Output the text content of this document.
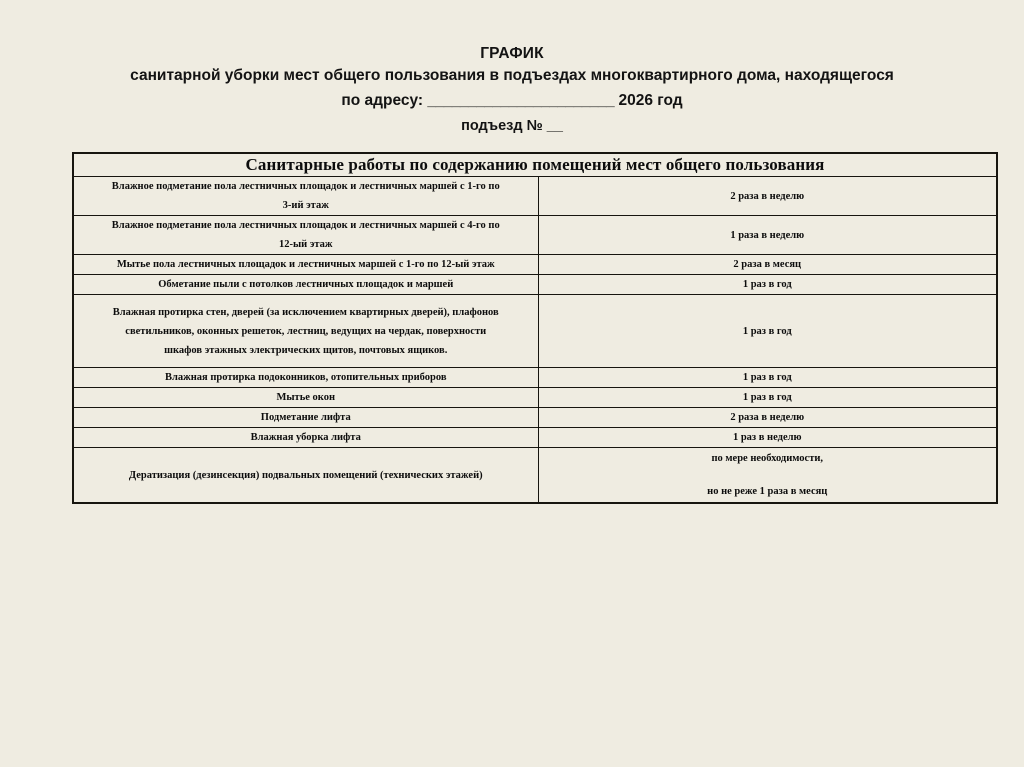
ГРАФИК
санитарной уборки мест общего пользования в подъездах многоквартирного дома, находящегося
по адресу: _______________________ 2026 год
подъезд № __
Санитарные работы по содержанию помещений мест общего пользования	

Влажное подметание пола лестничных площадок и лестничных маршей с 1-го по
3-ий этаж	2 раза в неделю

Влажное подметание пола лестничных площадок и лестничных маршей с 4-го по
12-ый этаж	1 раза в неделю
Мытье пола лестничных площадок и лестничных маршей с 1-го по 12-ый этаж	2 раза в месяц
Обметание пыли с потолков лестничных площадок и маршей	1 раз в год

Влажная протирка стен, дверей (за исключением квартирных дверей), плафонов
светильников, оконных решеток, лестниц, ведущих на чердак, поверхности
шкафов этажных электрических щитов, почтовых ящиков.	1 раз в год
Влажная протирка подоконников, отопительных приборов	1 раз в год
Мытье окон	1 раз в год
Подметание лифта	2 раза в неделю
Влажная уборка лифта	1 раз в неделю
Дератизация (дезинсекция) подвальных помещений (технических этажей)	по мере необходимости,
но не реже 1 раза в месяц
